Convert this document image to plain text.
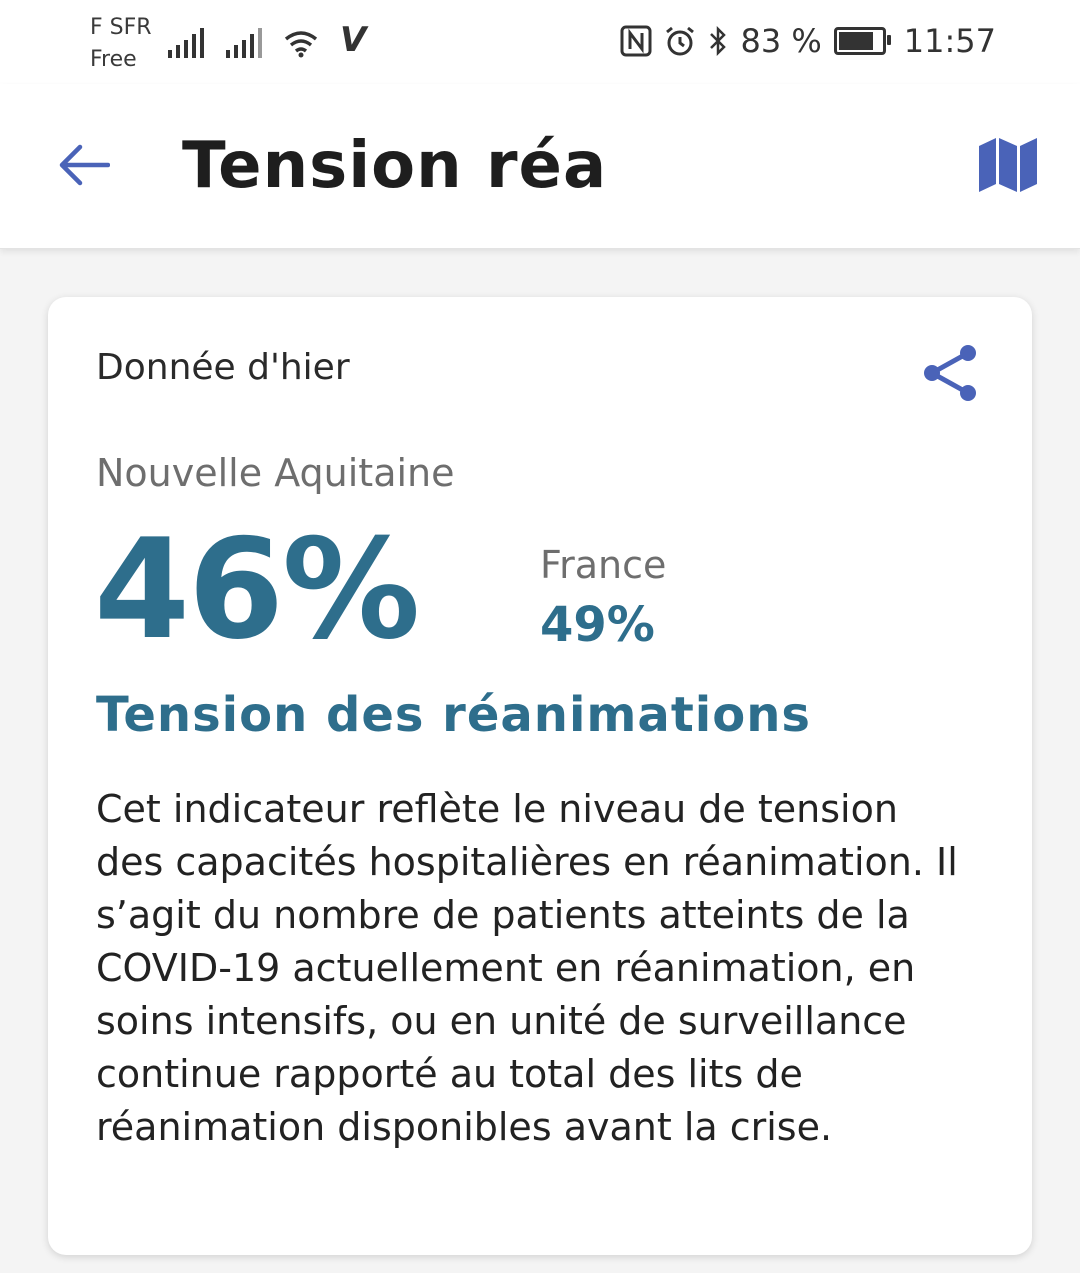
F SFR
Free	V	83 %	11:57
Tension réa
Donnée d'hier
Nouvelle Aquitaine
46%	France
49%
Tension des réanimations

Cet indicateur reflète le niveau de tension des capacités hospitalières en réanimation. Il s’agit du nombre de patients atteints de la COVID-19 actuellement en réanimation, en soins intensifs, ou en unité de surveillance continue rapporté au total des lits de réanimation disponibles avant la crise.
